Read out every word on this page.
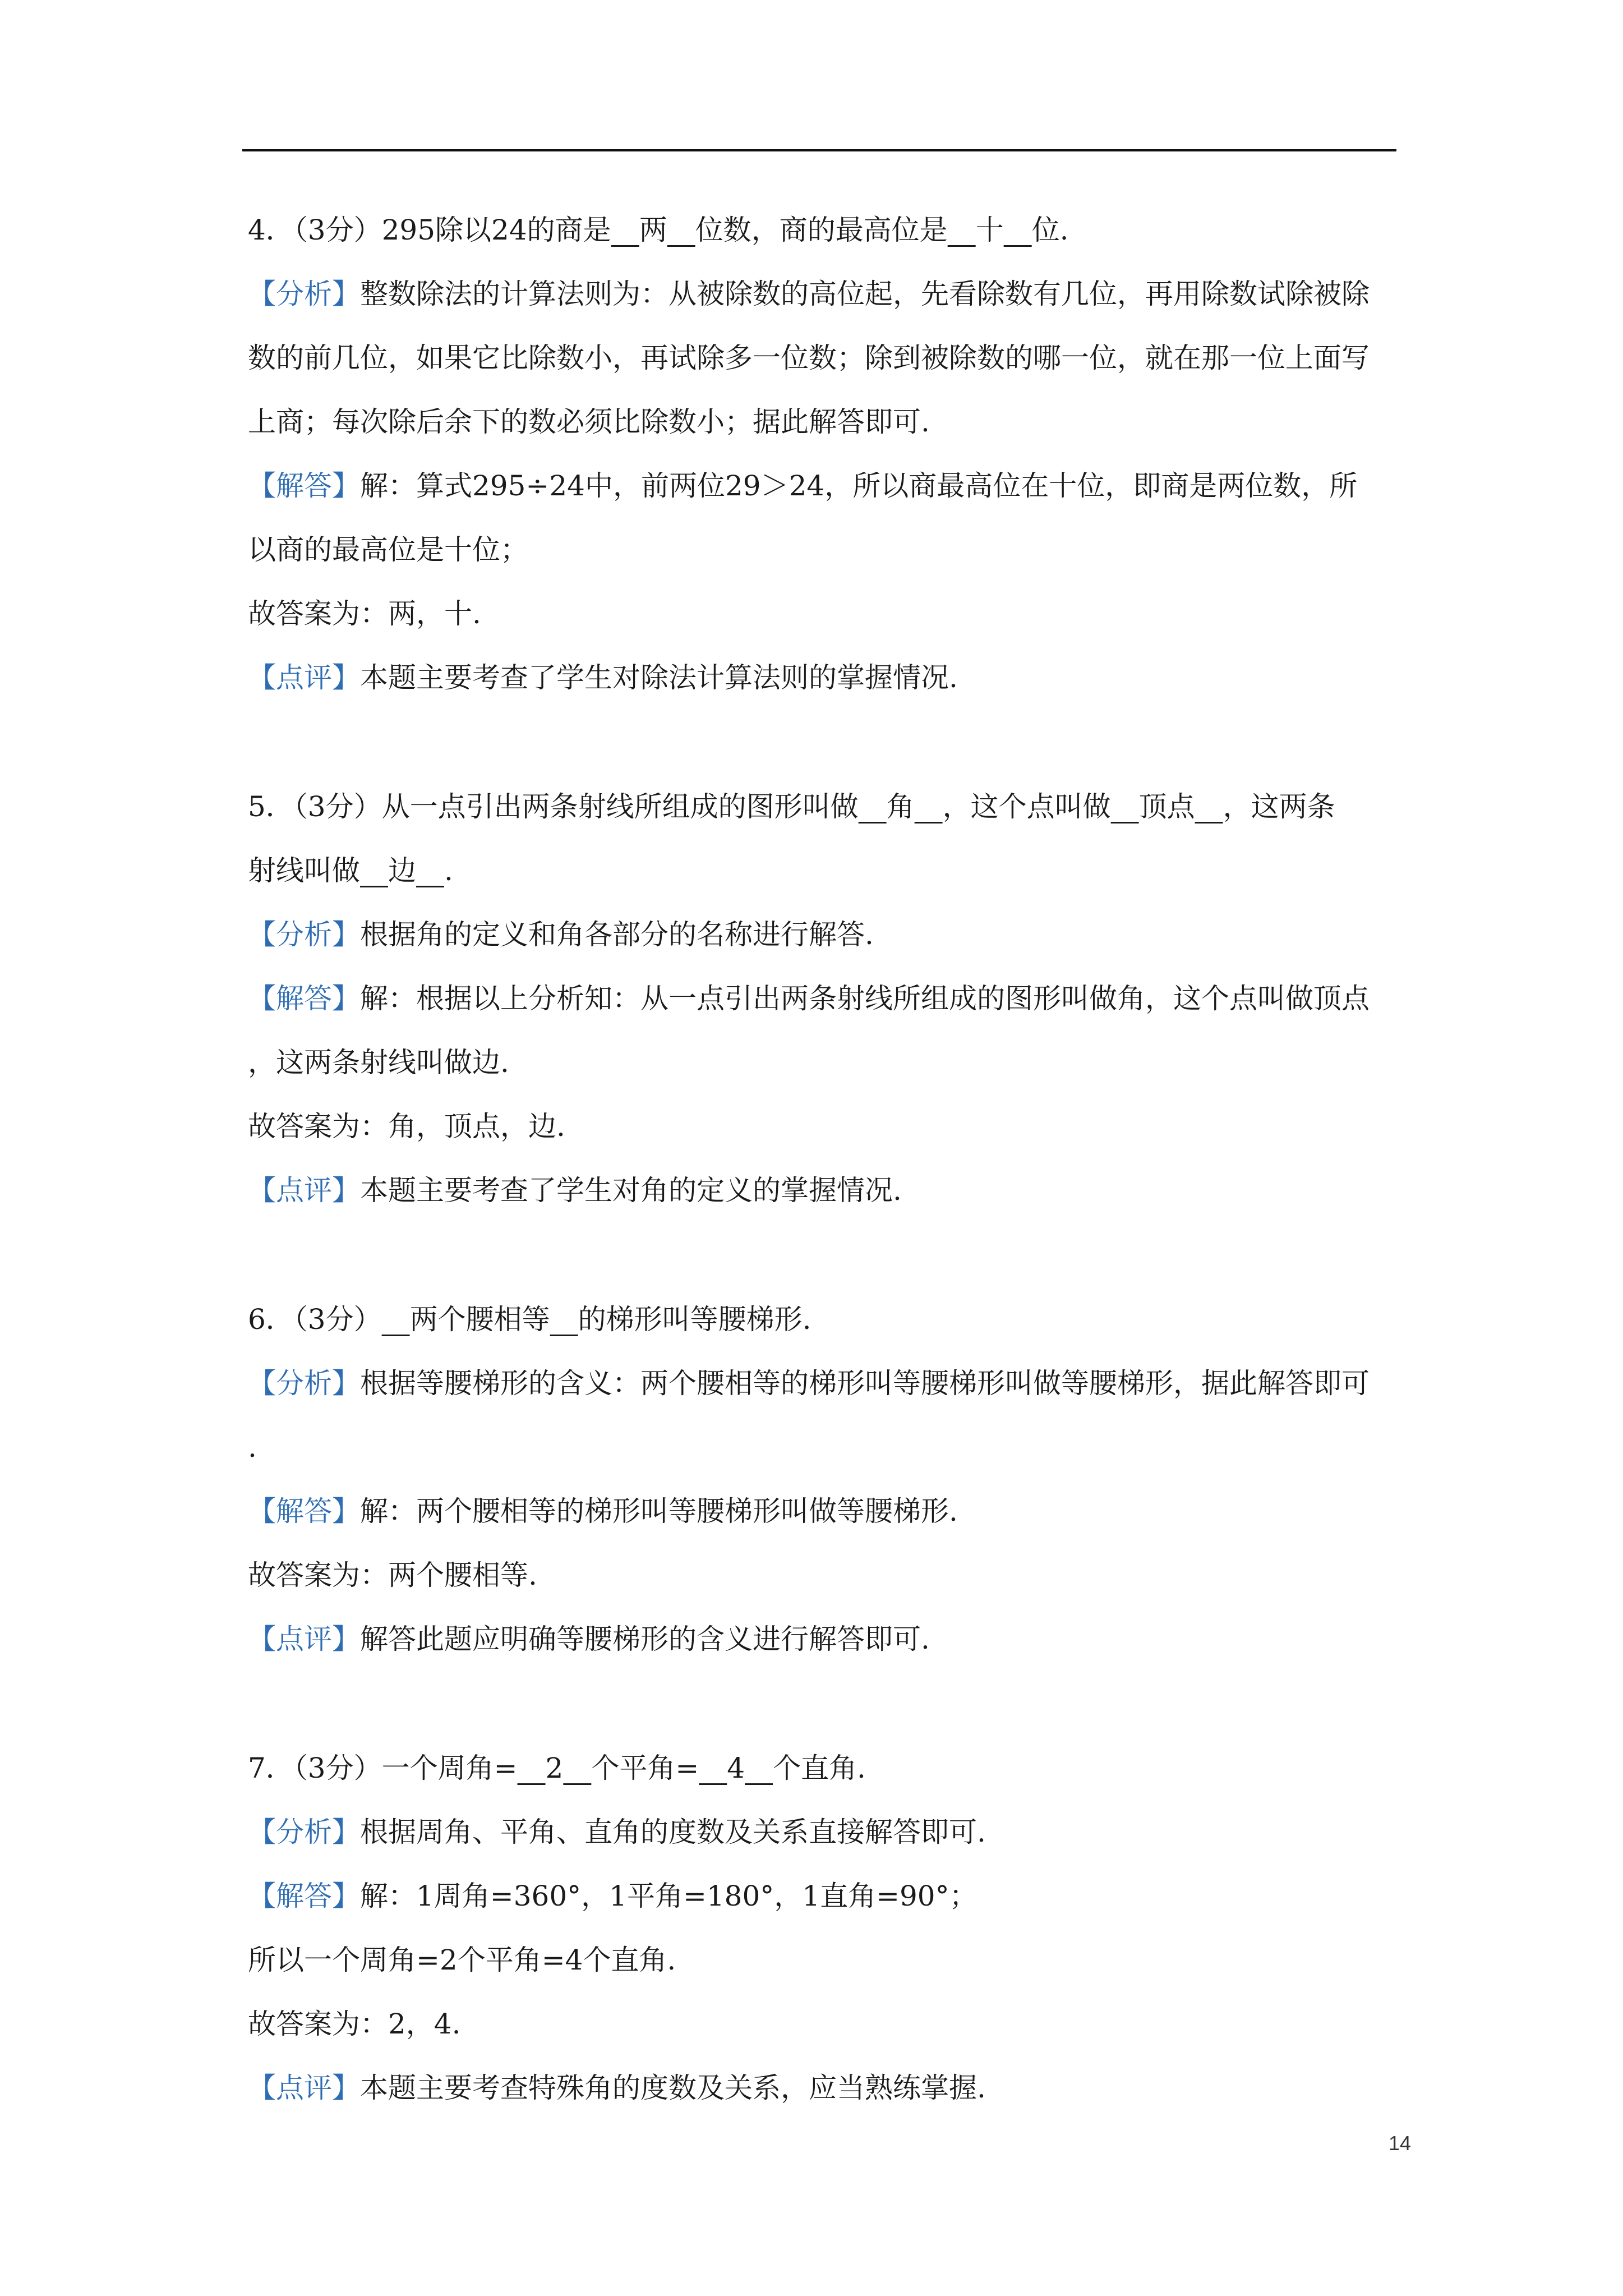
4．（3分）295除以24的商是  两  位数，商的最高位是  十  位.
【分析】整数除法的计算法则为：从被除数的高位起，先看除数有几位，再用除数试除被除
数的前几位，如果它比除数小，再试除多一位数；除到被除数的哪一位，就在那一位上面写
上商；每次除后余下的数必须比除数小；据此解答即可.
【解答】解：算式295÷24中，前两位29＞24，所以商最高位在十位，即商是两位数，所
以商的最高位是十位；
故答案为：两，十.
【点评】本题主要考查了学生对除法计算法则的掌握情况.
5．（3分）从一点引出两条射线所组成的图形叫做  角  ，这个点叫做  顶点  ，这两条
射线叫做  边  .
【分析】根据角的定义和角各部分的名称进行解答.
【解答】解：根据以上分析知：从一点引出两条射线所组成的图形叫做角，这个点叫做顶点
，这两条射线叫做边.
故答案为：角，顶点，边.
【点评】本题主要考查了学生对角的定义的掌握情况.
6．（3分）  两个腰相等  的梯形叫等腰梯形.
【分析】根据等腰梯形的含义：两个腰相等的梯形叫等腰梯形叫做等腰梯形，据此解答即可
.
【解答】解：两个腰相等的梯形叫等腰梯形叫做等腰梯形.
故答案为：两个腰相等.
【点评】解答此题应明确等腰梯形的含义进行解答即可.
7．（3分）一个周角=  2  个平角=  4  个直角.
【分析】根据周角、平角、直角的度数及关系直接解答即可.
【解答】解：1周角=360°，1平角=180°，1直角=90°；
所以一个周角=2个平角=4个直角.
故答案为：2，4.
【点评】本题主要考查特殊角的度数及关系，应当熟练掌握.
14
